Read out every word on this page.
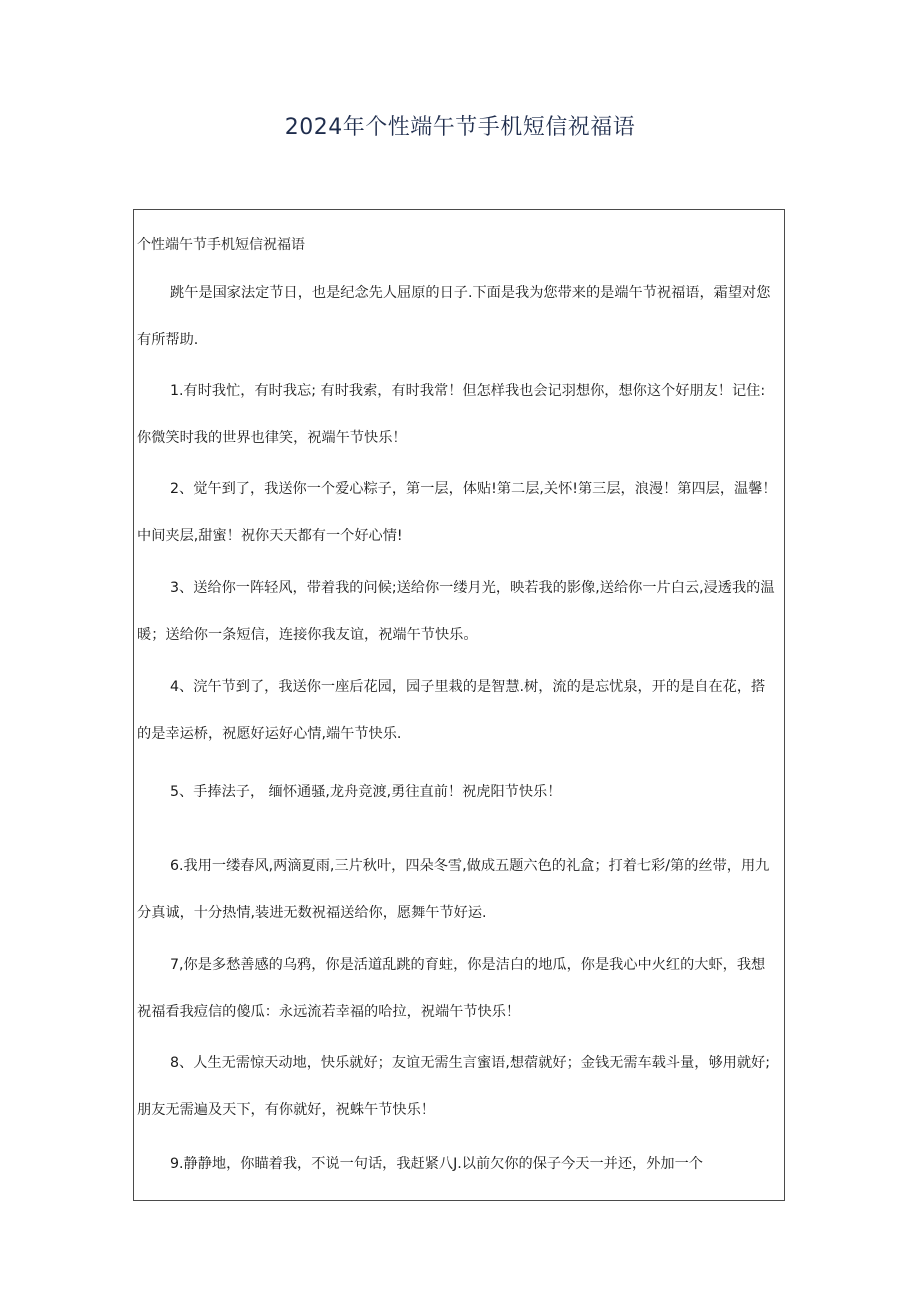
2024年个性端午节手机短信祝福语
个性端午节手机短信祝福语
跳午是国家法定节日，也是纪念先人屈原的日子.下面是我为您带来的是端午节祝福语，霜望对您
有所帮助.
1.有时我忙，有时我忘; 有时我索，有时我常！但怎样我也会记羽想你，想你这个好朋友！记住:
你微笑时我的世界也律笑，祝端午节快乐！
2、觉午到了，我送你一个爱心粽子，第一层，体贴!第二层,关怀!第三层，浪漫！第四层，温馨！
中间夹层,甜蜜！祝你天天都有一个好心情!
3、送给你一阵轻风，带着我的问候;送给你一缕月光，映若我的影像,送给你一片白云,浸透我的温
暖；送给你一条短信，连接你我友谊，祝端午节快乐。
4、浣午节到了，我送你一座后花园，园子里栽的是智慧.树，流的是忘忧泉，开的是自在花，搭
的是幸运桥，祝愿好运好心情,端午节快乐.
5、手捧法子， 缅怀通骚,龙舟竞渡,勇往直前！祝虎阳节快乐！
6.我用一缕春风,两滴夏雨,三片秋叶，四朵冬雪,做成五题六色的礼盒；打着七彩/第的丝带，用九
分真诚，十分热情,装进无数祝福送给你，愿舞午节好运.
7,你是多愁善感的乌鸦，你是活道乱跳的育蛀，你是洁白的地瓜，你是我心中火红的大虾，我想
祝福看我痘信的傻瓜：永远流若幸福的哈拉，祝端午节快乐！
8、人生无需惊天动地，快乐就好；友谊无需生言蜜语,想蓿就好；金钱无需车载斗量，够用就好;
朋友无需遍及天下，有你就好，祝蛛午节快乐！
9.静静地，你瞄着我，不说一句话，我赶紧八J.以前欠你的保子今天一并还，外加一个
